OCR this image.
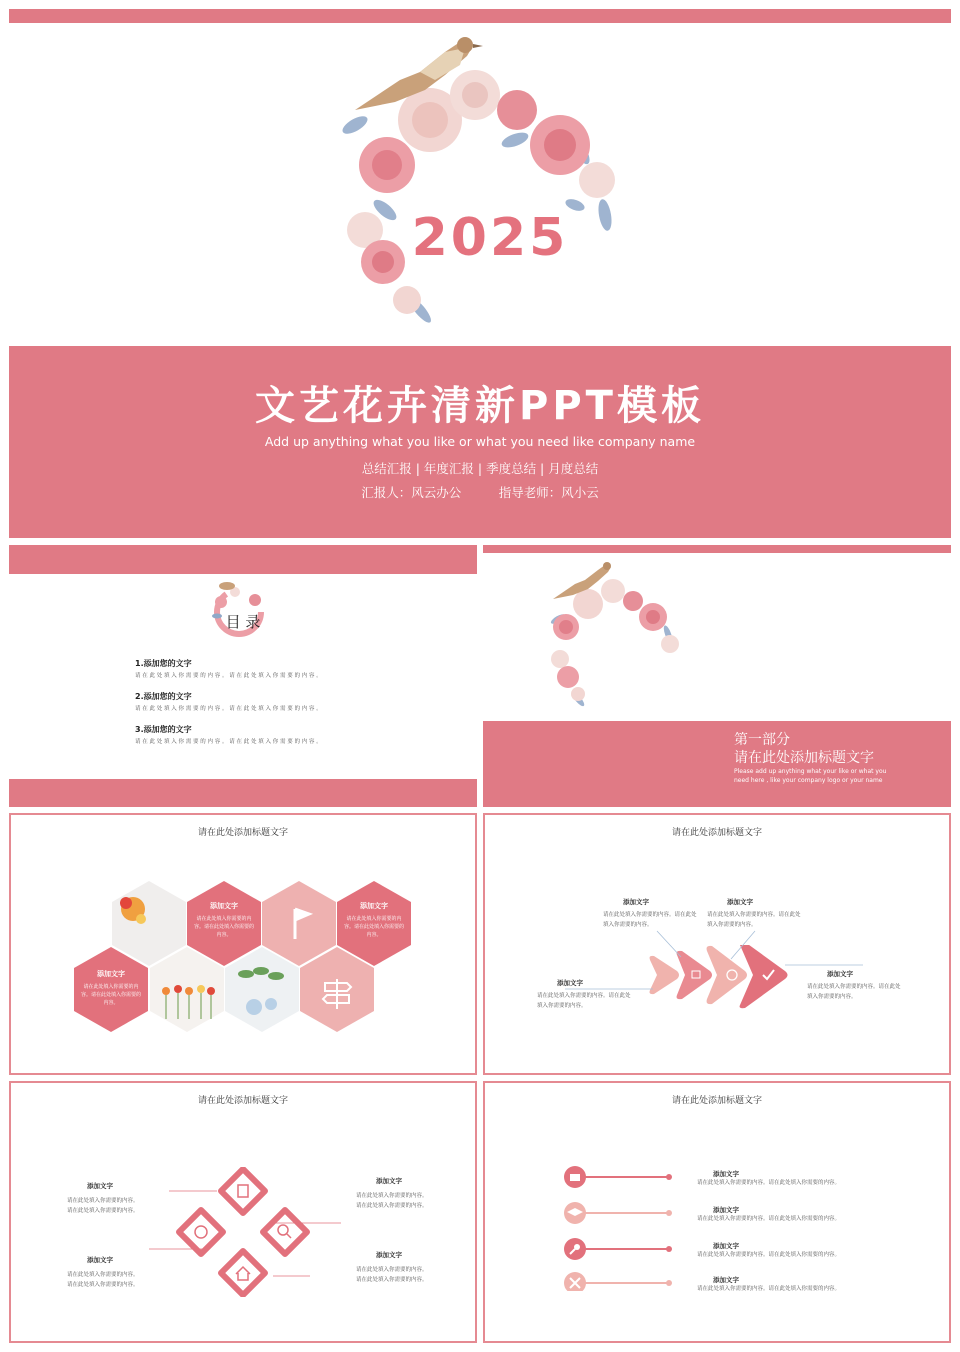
2025
文艺花卉清新PPT模板
Add up anything what you like or what you need like company name
总结汇报 | 年度汇报 | 季度总结 | 月度总结
汇报人：风云办公　　　指导老师：风小云
目 录
1.添加您的文字
请 在 此 处 填 入 你 需 要 的 内 容 。 请 在 此 处 填 入 你 需 要 的 内 容 。
2.添加您的文字
请 在 此 处 填 入 你 需 要 的 内 容 。 请 在 此 处 填 入 你 需 要 的 内 容 。
3.添加您的文字
请 在 此 处 填 入 你 需 要 的 内 容 。 请 在 此 处 填 入 你 需 要 的 内 容 。	第一部分
请在此处添加标题文字
Please add up anything what your like or what you
need here , like your company logo or your name
请在此处添加标题文字
添加文字
请在此处填入你需要的内容。请在此处填入你需要的内容。
添加文字
请在此处填入你需要的内容。请在此处填入你需要的内容。
添加文字
请在此处填入你需要的内容。请在此处填入你需要的内容。
请在此处添加标题文字
添加文字
请在此处填入你需要的内容。请在此处
填入你需要的内容。
添加文字
请在此处填入你需要的内容。请在此处
填入你需要的内容。
添加文字
请在此处填入你需要的内容。请在此处
填入你需要的内容。
添加文字
请在此处填入你需要的内容。请在此处
填入你需要的内容。
请在此处添加标题文字
添加文字
请在此处填入你需要的内容。
请在此处填入你需要的内容。
添加文字
请在此处填入你需要的内容。
请在此处填入你需要的内容。
添加文字
请在此处填入你需要的内容。
请在此处填入你需要的内容。
添加文字
请在此处填入你需要的内容。
请在此处填入你需要的内容。
请在此处添加标题文字
添加文字
请在此处填入你需要的内容。请在此处填入你需要的内容。
添加文字
请在此处填入你需要的内容。请在此处填入你需要的内容。
添加文字
请在此处填入你需要的内容。请在此处填入你需要的内容。
添加文字
请在此处填入你需要的内容。请在此处填入你需要的内容。
